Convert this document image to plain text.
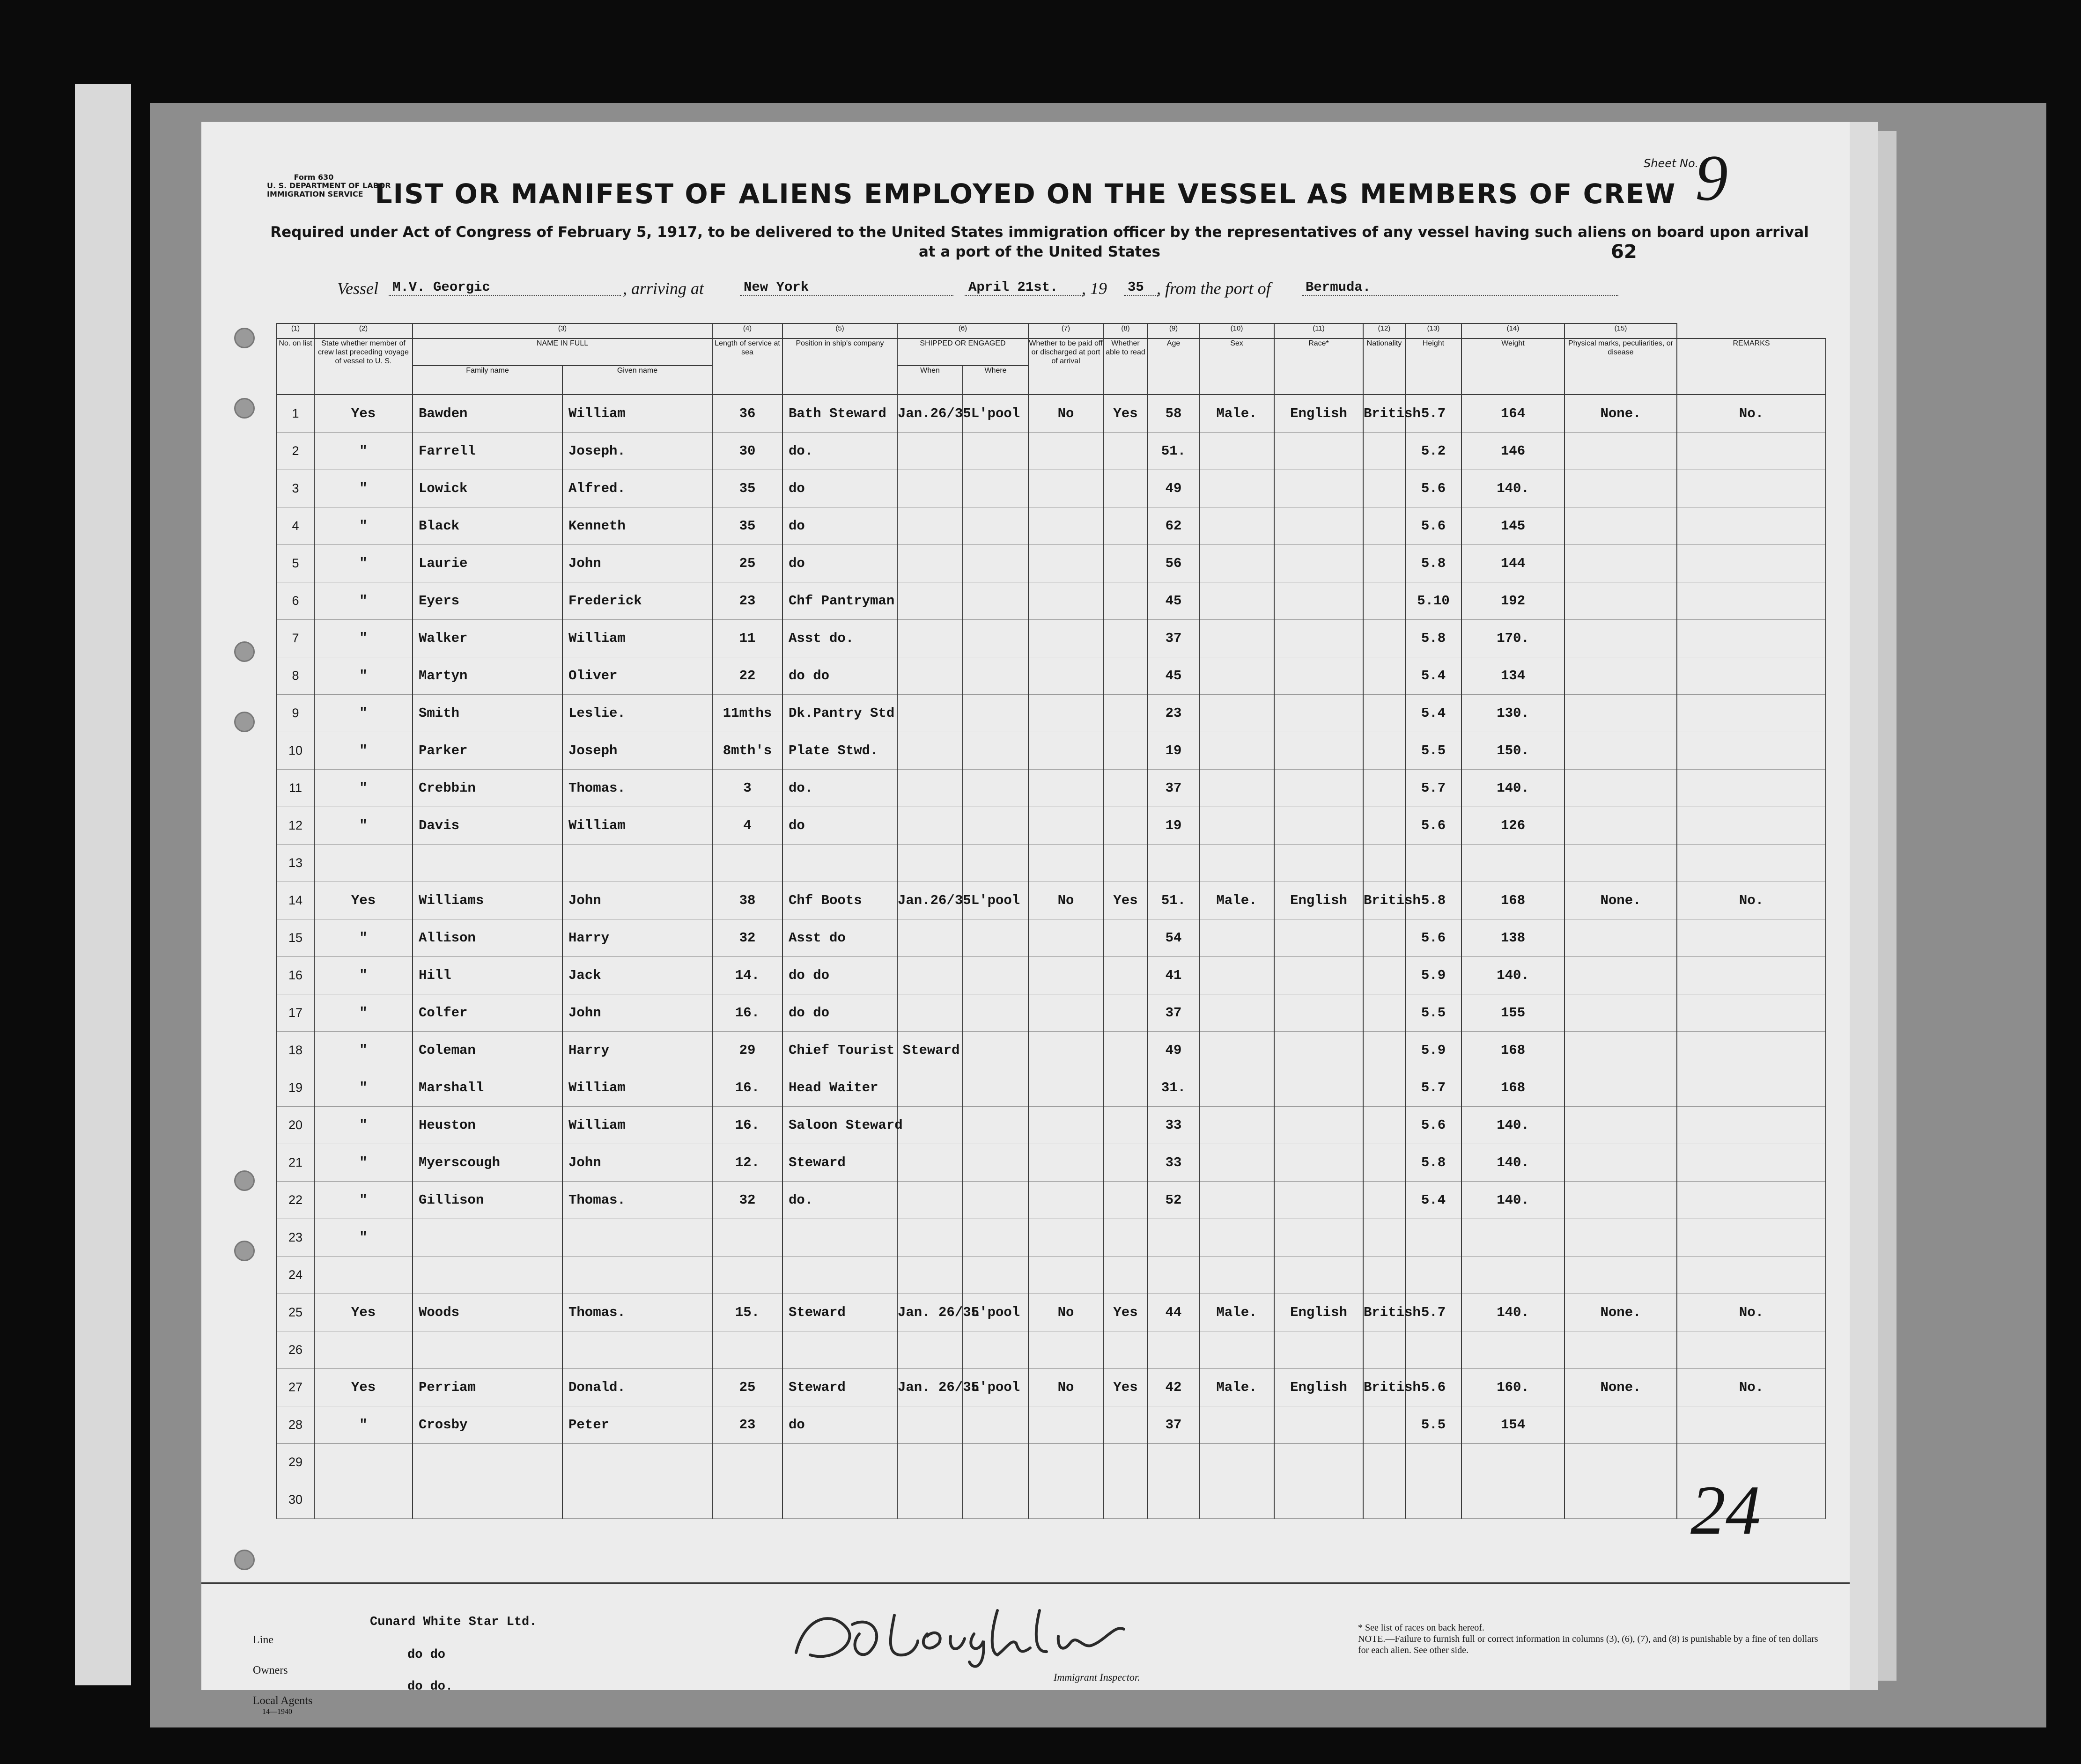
Form 630
U. S. DEPARTMENT OF LABOR
IMMIGRATION SERVICE LIST OR MANIFEST OF ALIENS EMPLOYED ON THE VESSEL AS MEMBERS OF CREW
Sheet No.
9
Required under Act of Congress of February 5, 1917, to be delivered to the United States immigration officer by the representatives of any vessel having such aliens on board upon arrival at a port of the United States	62
Vessel M.V. Georgic	, arriving at	New York	April 21st.	, 19 35 , from the port of	Bermuda.
(1)	(2)	(3)		(4)	(5)	(6)		(7)	(8)	(9)	(10)	(11)	(12)	(13)	(14)	(15)	
No. on list	State whether member of crew last preceding voyage of vessel to U. S.	NAME IN FULL		Length of service at sea	Position in ship's company	SHIPPED OR ENGAGED		Whether to be paid off or discharged at port of arrival	Whether able to read	Age	Sex	Race*	Nationality	Height	Weight	Physical marks, peculiarities, or disease	REMARKS
		Family name	Given name			When	Where										
1	Yes	Bawden	William	36	Bath Steward	Jan.26/35	L'pool	No	Yes	58	Male.	English	British	5.7	164	None.	No.
2	"	Farrell	Joseph.	30	do.					51.				5.2	146		
3	"	Lowick	Alfred.	35	do					49				5.6	140.		
4	"	Black	Kenneth	35	do					62				5.6	145		
5	"	Laurie	John	25	do					56				5.8	144		
6	"	Eyers	Frederick	23	Chf Pantryman					45				5.10	192		
7	"	Walker	William	11	Asst do.					37				5.8	170.		
8	"	Martyn	Oliver	22	do do					45				5.4	134		
9	"	Smith	Leslie.	11mths	Dk.Pantry Std					23				5.4	130.		
10	"	Parker	Joseph	8mth's	Plate Stwd.					19				5.5	150.		
11	"	Crebbin	Thomas.	3	do.					37				5.7	140.		
12	"	Davis	William	4	do					19				5.6	126		
13																	
14	Yes	Williams	John	38	Chf Boots	Jan.26/35	L'pool	No	Yes	51.	Male.	English	British	5.8	168	None.	No.
15	"	Allison	Harry	32	Asst do					54				5.6	138		
16	"	Hill	Jack	14.	do do					41				5.9	140.		
17	"	Colfer	John	16.	do do					37				5.5	155		
18	"	Coleman	Harry	29	Chief Tourist Steward					49				5.9	168		
19	"	Marshall	William	16.	Head Waiter					31.				5.7	168		
20	"	Heuston	William	16.	Saloon Steward					33				5.6	140.		
21	"	Myerscough	John	12.	Steward					33				5.8	140.		
22	"	Gillison	Thomas.	32	do.					52				5.4	140.		
23	"																
24																	
25	Yes	Woods	Thomas.	15.	Steward	Jan. 26/35	L'pool	No	Yes	44	Male.	English	British	5.7	140.	None.	No.
26																	
27	Yes	Perriam	Donald.	25	Steward	Jan. 26/35	L'pool	No	Yes	42	Male.	English	British	5.6	160.	None.	No.
28	"	Crosby	Peter	23	do					37				5.5	154		
29																	
30																	
Line
Cunard White Star Ltd.
Owners
do do
Local Agents
do do.
14—1940
Immigrant Inspector.
* See list of races on back hereof.
NOTE.—Failure to furnish full or correct information in columns (3), (6), (7), and (8) is punishable by a fine of ten dollars for each alien. See other side.
24
